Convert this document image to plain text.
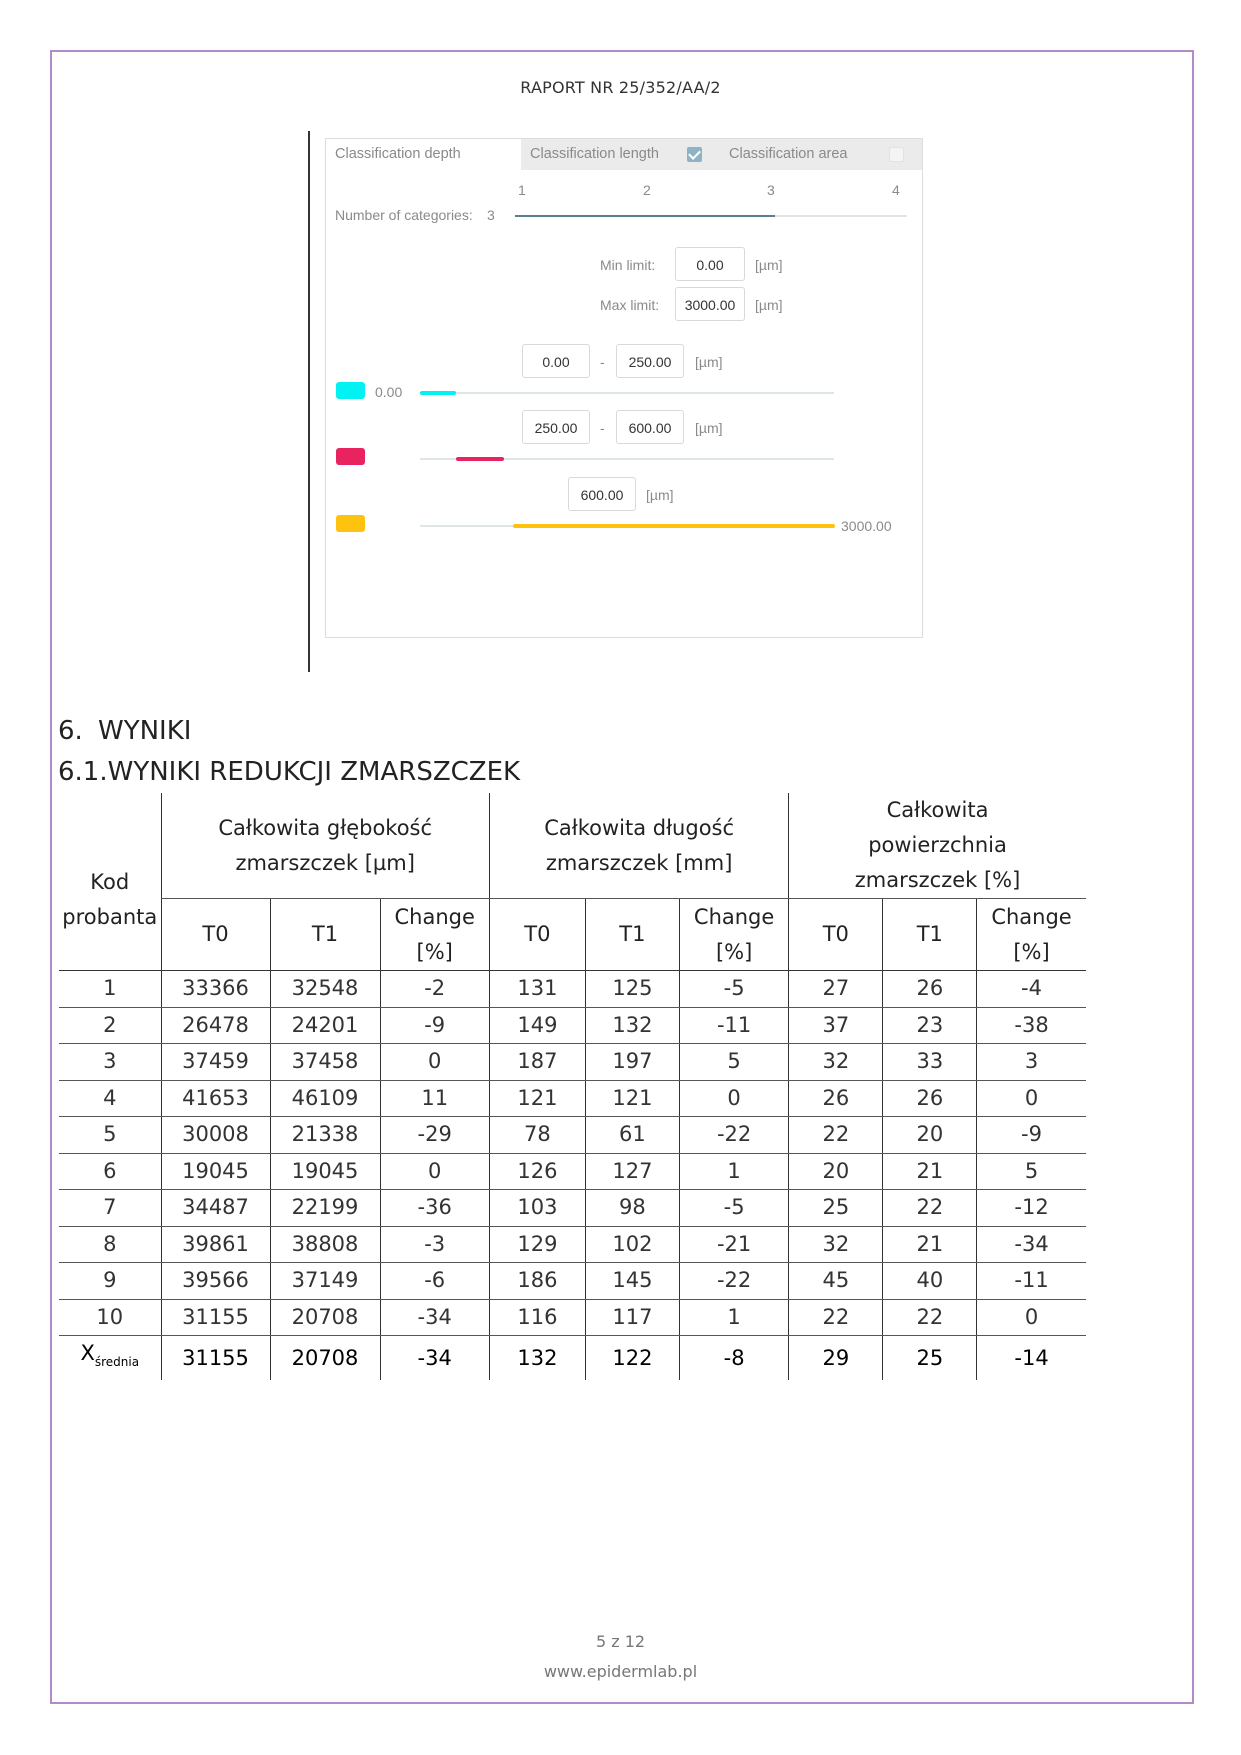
RAPORT NR 25/352/AA/2
Classification depth	Classification length	Classification area
Number of categories: 3
1	2	3	4
Min limit:	0.00	[µm]
Max limit:	3000.00	[µm]
0.00	-	250.00	[µm]
0.00
250.00	-	600.00	[µm]
600.00	[µm]
3000.00
6. WYNIKI
6.1.WYNIKI REDUKCJI ZMARSZCZEK
Kod probanta	Całkowita głębokość zmarszczek [µm]			Całkowita długość zmarszczek [mm]			Całkowita powierzchnia zmarszczek [%]		
	T0	T1	Change [%]	T0	T1	Change [%]	T0	T1	Change [%]
1	33366	32548	-2	131	125	-5	27	26	-4
2	26478	24201	-9	149	132	-11	37	23	-38
3	37459	37458	0	187	197	5	32	33	3
4	41653	46109	11	121	121	0	26	26	0
5	30008	21338	-29	78	61	-22	22	20	-9
6	19045	19045	0	126	127	1	20	21	5
7	34487	22199	-36	103	98	-5	25	22	-12
8	39861	38808	-3	129	102	-21	32	21	-34
9	39566	37149	-6	186	145	-22	45	40	-11
10	31155	20708	-34	116	117	1	22	22	0
$X_{średnia}$	31155	20708	-34	132	122	-8	29	25	-14
5 z 12
www.epidermlab.pl
